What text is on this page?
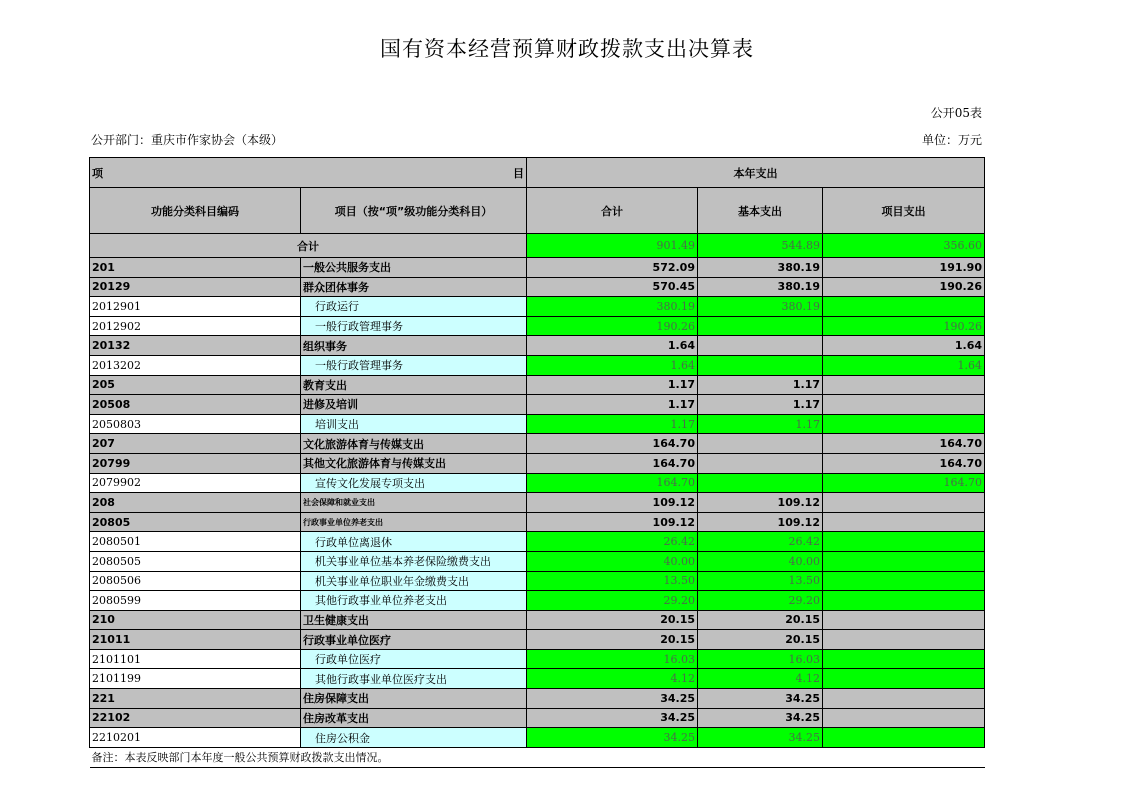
国有资本经营预算财政拨款支出决算表
公开05表
公开部门：重庆市作家协会（本级）	单位：万元
项 目		本年支出		
功能分类科目编码	项目（按“项”级功能分类科目）	合计	基本支出	项目支出
合计		901.49	544.89	356.60
201	一般公共服务支出	572.09	380.19	191.90
20129	群众团体事务	570.45	380.19	190.26
2012901	行政运行	380.19	380.19	
2012902	一般行政管理事务	190.26		190.26
20132	组织事务	1.64		1.64
2013202	一般行政管理事务	1.64		1.64
205	教育支出	1.17	1.17	
20508	进修及培训	1.17	1.17	
2050803	培训支出	1.17	1.17	
207	文化旅游体育与传媒支出	164.70		164.70
20799	其他文化旅游体育与传媒支出	164.70		164.70
2079902	宣传文化发展专项支出	164.70		164.70
208	社会保障和就业支出	109.12	109.12	
20805	行政事业单位养老支出	109.12	109.12	
2080501	行政单位离退休	26.42	26.42	
2080505	机关事业单位基本养老保险缴费支出	40.00	40.00	
2080506	机关事业单位职业年金缴费支出	13.50	13.50	
2080599	其他行政事业单位养老支出	29.20	29.20	
210	卫生健康支出	20.15	20.15	
21011	行政事业单位医疗	20.15	20.15	
2101101	行政单位医疗	16.03	16.03	
2101199	其他行政事业单位医疗支出	4.12	4.12	
221	住房保障支出	34.25	34.25	
22102	住房改革支出	34.25	34.25	
2210201	住房公积金	34.25	34.25	
备注：本表反映部门本年度一般公共预算财政拨款支出情况。				
